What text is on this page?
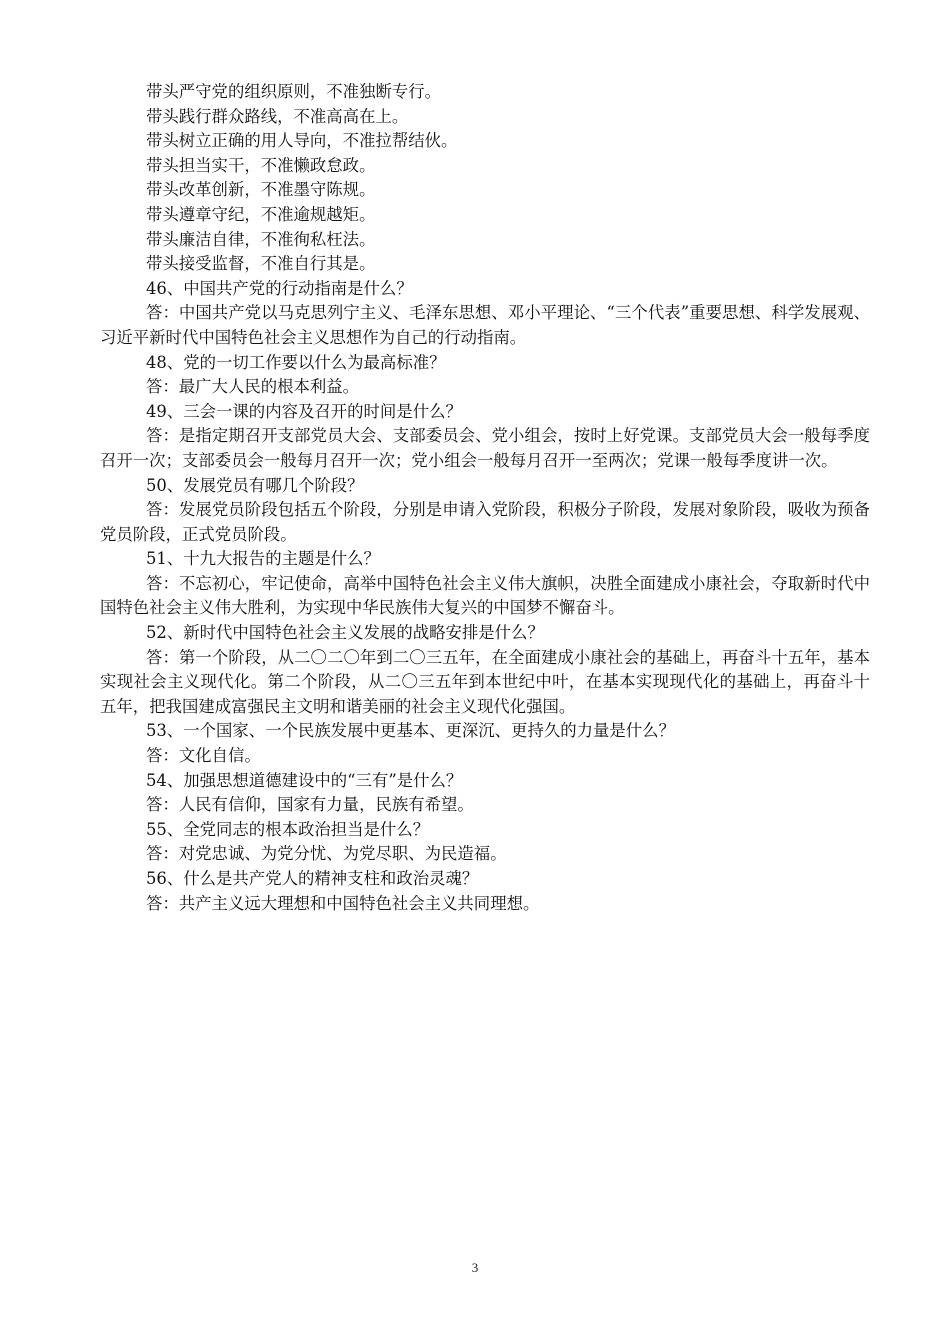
带头严守党的组织原则，不准独断专行。

带头践行群众路线，不准高高在上。

带头树立正确的用人导向，不准拉帮结伙。

带头担当实干，不准懒政怠政。

带头改革创新，不准墨守陈规。

带头遵章守纪，不准逾规越矩。

带头廉洁自律，不准徇私枉法。

带头接受监督，不准自行其是。

46、中国共产党的行动指南是什么？

答：中国共产党以马克思列宁主义、毛泽东思想、邓小平理论、“三个代表”重要思想、科学发展观、习近平新时代中国特色社会主义思想作为自己的行动指南。

48、党的一切工作要以什么为最高标准？

答：最广大人民的根本利益。

49、三会一课的内容及召开的时间是什么？

答：是指定期召开支部党员大会、支部委员会、党小组会，按时上好党课。支部党员大会一般每季度召开一次；支部委员会一般每月召开一次；党小组会一般每月召开一至两次；党课一般每季度讲一次。

50、发展党员有哪几个阶段？

答：发展党员阶段包括五个阶段，分别是申请入党阶段，积极分子阶段，发展对象阶段，吸收为预备党员阶段，正式党员阶段。

51、十九大报告的主题是什么？

答：不忘初心，牢记使命，高举中国特色社会主义伟大旗帜，决胜全面建成小康社会，夺取新时代中国特色社会主义伟大胜利，为实现中华民族伟大复兴的中国梦不懈奋斗。

52、新时代中国特色社会主义发展的战略安排是什么？

答：第一个阶段，从二〇二〇年到二〇三五年，在全面建成小康社会的基础上，再奋斗十五年，基本实现社会主义现代化。第二个阶段，从二〇三五年到本世纪中叶，在基本实现现代化的基础上，再奋斗十五年，把我国建成富强民主文明和谐美丽的社会主义现代化强国。

53、一个国家、一个民族发展中更基本、更深沉、更持久的力量是什么？

答：文化自信。

54、加强思想道德建设中的“三有”是什么？

答：人民有信仰，国家有力量，民族有希望。

55、全党同志的根本政治担当是什么？

答：对党忠诚、为党分忧、为党尽职、为民造福。

56、什么是共产党人的精神支柱和政治灵魂？

答：共产主义远大理想和中国特色社会主义共同理想。

3
